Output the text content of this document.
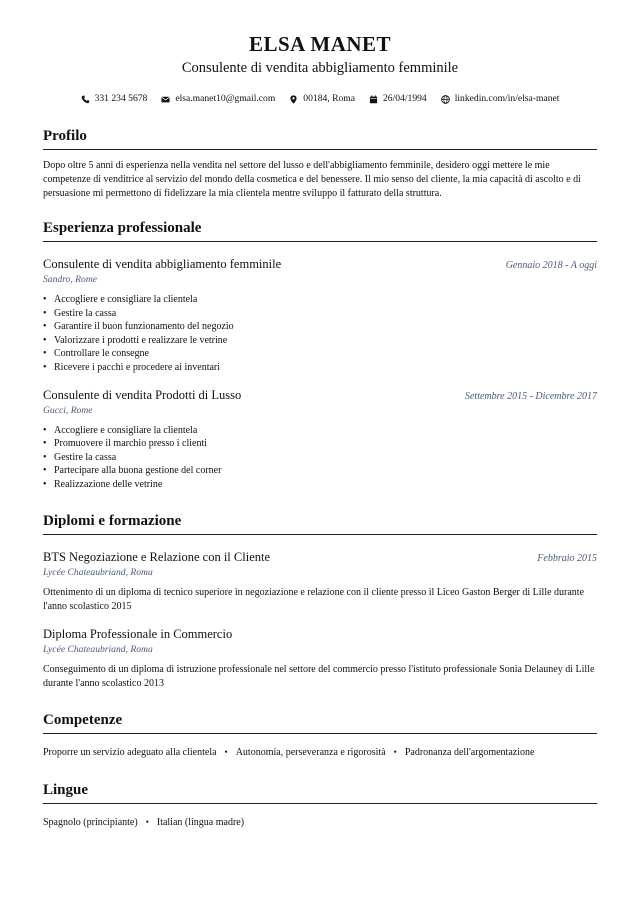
ELSA MANET
Consulente di vendita abbigliamento femminile
331 234 5678	elsa.manet10@gmail.com	00184, Roma	26/04/1994	linkedin.com/in/elsa-manet
Profilo
Dopo oltre 5 anni di esperienza nella vendita nel settore del lusso e dell'abbigliamento femminile, desidero oggi mettere le mie competenze di venditrice al servizio del mondo della cosmetica e del benessere. Il mio senso del cliente, la mia capacità di ascolto e di persuasione mi permettono di fidelizzare la mia clientela mentre sviluppo il fatturato della struttura.
Esperienza professionale
Consulente di vendita abbigliamento femminile	Gennaio 2018 - A oggi
Sandro, Rome
• Accogliere e consigliare la clientela
• Gestire la cassa
• Garantire il buon funzionamento del negozio
• Valorizzare i prodotti e realizzare le vetrine
• Controllare le consegne
• Ricevere i pacchi e procedere ai inventari
Consulente di vendita Prodotti di Lusso	Settembre 2015 - Dicembre 2017
Gucci, Rome
• Accogliere e consigliare la clientela
• Promuovere il marchio presso i clienti
• Gestire la cassa
• Partecipare alla buona gestione del corner
• Realizzazione delle vetrine
Diplomi e formazione
BTS Negoziazione e Relazione con il Cliente	Febbraio 2015
Lycée Chateaubriand, Roma
Ottenimento di un diploma di tecnico superiore in negoziazione e relazione con il cliente presso il Liceo Gaston Berger di Lille durante l'anno scolastico 2015
Diploma Professionale in Commercio
Lycée Chateaubriand, Roma
Conseguimento di un diploma di istruzione professionale nel settore del commercio presso l'istituto professionale Sonia Delauney di Lille durante l'anno scolastico 2013
Competenze
Proporre un servizio adeguato alla clientela • Autonomia, perseveranza e rigorosità • Padronanza dell'argomentazione
Lingue
Spagnolo (principiante) • Italian (lingua madre)
